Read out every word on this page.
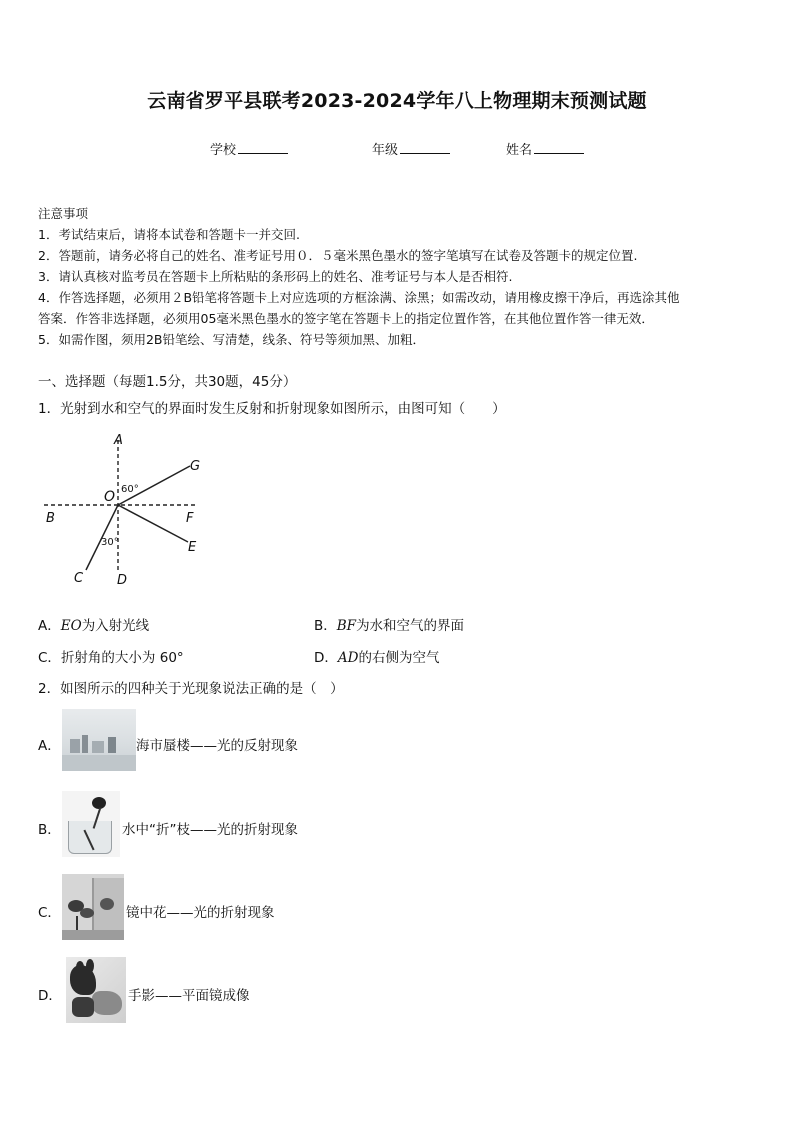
云南省罗平县联考2023-2024学年八上物理期末预测试题
学校	年级	姓名
注意事项
1．考试结束后，请将本试卷和答题卡一并交回.
2．答题前，请务必将自己的姓名、准考证号用０．５毫米黑色墨水的签字笔填写在试卷及答题卡的规定位置.
3．请认真核对监考员在答题卡上所粘贴的条形码上的姓名、准考证号与本人是否相符.
4．作答选择题，必须用２B铅笔将答题卡上对应选项的方框涂满、涂黑；如需改动，请用橡皮擦干净后，再选涂其他
答案．作答非选择题，必须用05毫米黑色墨水的签字笔在答题卡上的指定位置作答，在其他位置作答一律无效．
5．如需作图，须用2B铅笔绘、写清楚，线条、符号等须加黑、加粗．
一、选择题（每题1.5分，共30题，45分）
1．光射到水和空气的界面时发生反射和折射现象如图所示，由图可知（　　）
A
G
O 60°
B	F
30°	E
C	D
A．EO为入射光线	B．BF为水和空气的界面
C．折射角的大小为 60°	D．AD的右侧为空气
2．如图所示的四种关于光现象说法正确的是（　）
A．	海市蜃楼——光的反射现象
B．	水中“折”枝——光的折射现象
C．	镜中花——光的折射现象
D．	手影——平面镜成像
